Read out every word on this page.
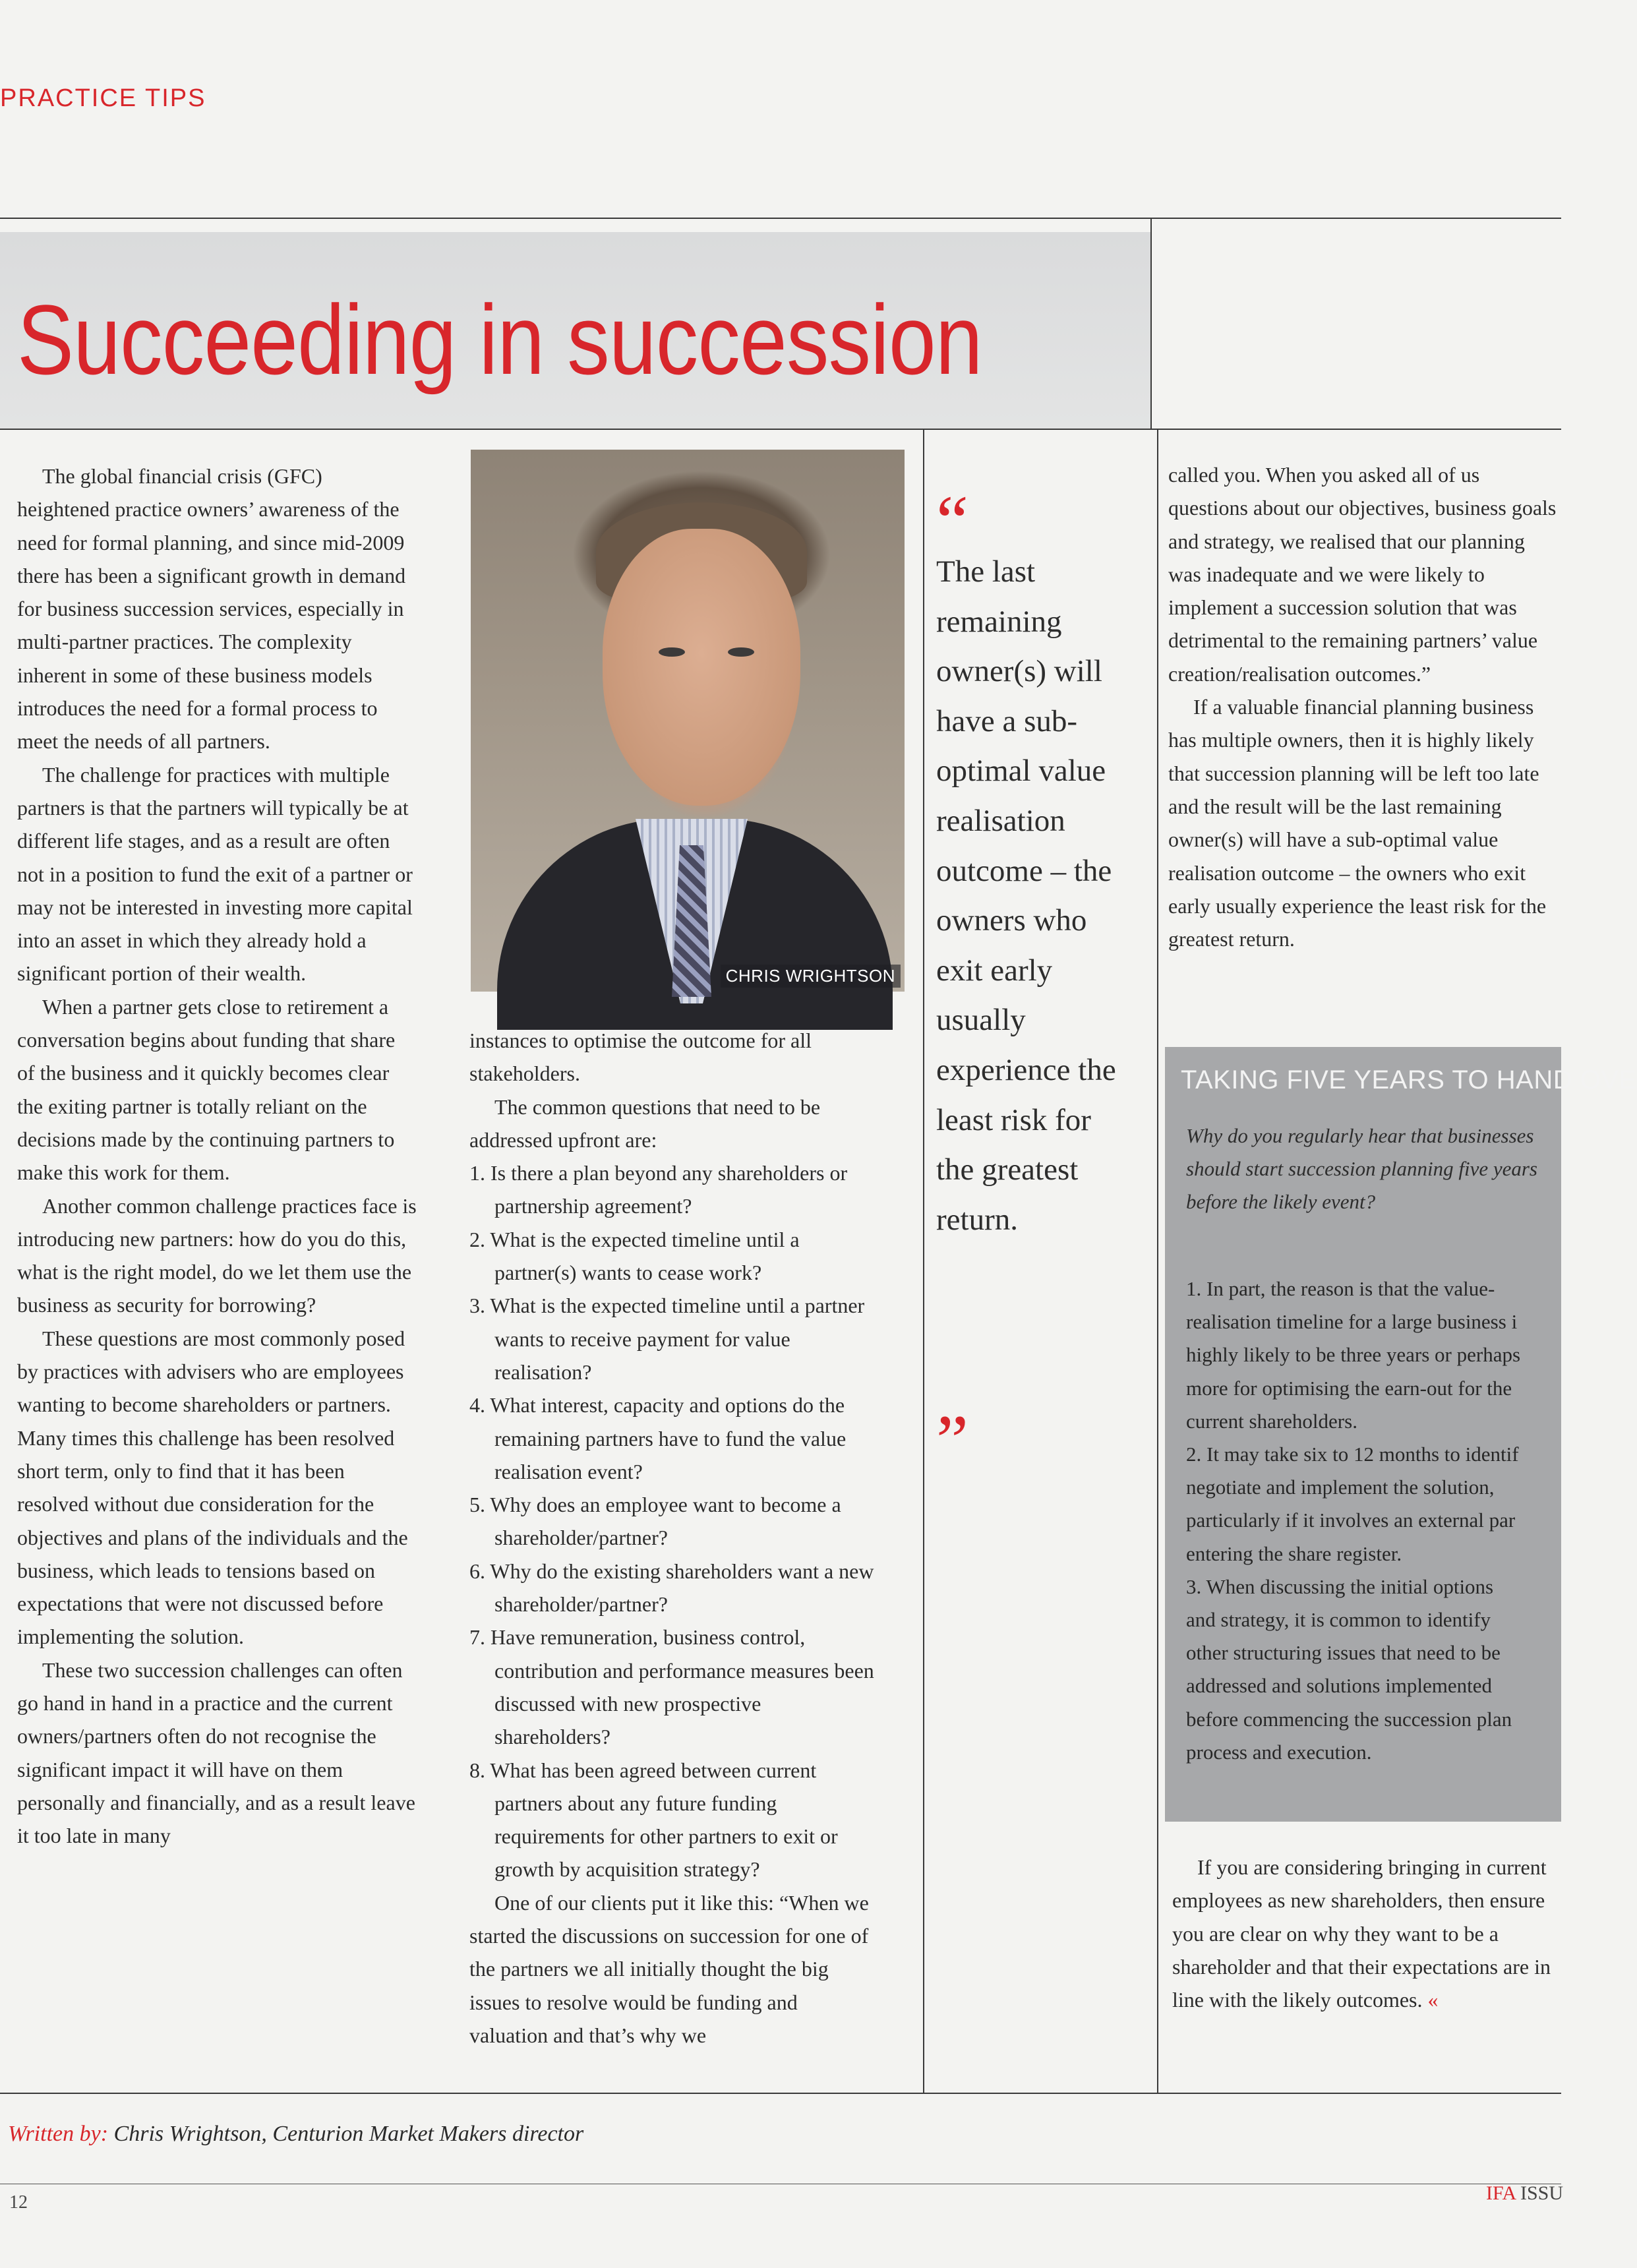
PRACTICE TIPS
Succeeding in succession

The global financial crisis (GFC) heightened practice owners’ awareness of the need for formal planning, and since mid-2009 there has been a significant growth in demand for business succession services, especially in multi-partner practices. The complexity inherent in some of these business models introduces the need for a formal process to meet the needs of all partners.

The challenge for practices with multiple partners is that the partners will typically be at different life stages, and as a result are often not in a position to fund the exit of a partner or may not be interested in investing more capital into an asset in which they already hold a significant portion of their wealth.

When a partner gets close to retirement a conversation begins about funding that share of the business and it quickly becomes clear the exiting partner is totally reliant on the decisions made by the continuing partners to make this work for them.

Another common challenge practices face is introducing new partners: how do you do this, what is the right model, do we let them use the business as security for borrowing?

These questions are most commonly posed by practices with advisers who are employees wanting to become shareholders or partners. Many times this challenge has been resolved short term, only to find that it has been resolved without due consideration for the objectives and plans of the individuals and the business, which leads to tensions based on expectations that were not discussed before implementing the solution.

These two succession challenges can often go hand in hand in a practice and the current owners/partners often do not recognise the significant impact it will have on them personally and financially, and as a result leave it too late in many

CHRIS WRIGHTSON

instances to optimise the outcome for all stakeholders.

The common questions that need to be addressed upfront are:

1. Is there a plan beyond any shareholders or partnership agreement?
2. What is the expected timeline until a partner(s) wants to cease work?
3. What is the expected timeline until a partner wants to receive payment for value realisation?
4. What interest, capacity and options do the remaining partners have to fund the value realisation event?
5. Why does an employee want to become a shareholder/partner?
6. Why do the existing shareholders want a new shareholder/partner?
7. Have remuneration, business control, contribution and performance measures been discussed with new prospective shareholders?
8. What has been agreed between current partners about any future funding requirements for other partners to exit or growth by acquisition strategy?

One of our clients put it like this: “When we started the discussions on succession for one of the partners we all initially thought the big issues to resolve would be funding and valuation and that’s why we

“
The last remaining owner(s) will have a sub-optimal value realisation outcome – the owners who exit early usually experience the least risk for the greatest return.
”

called you. When you asked all of us questions about our objectives, business goals and strategy, we realised that our planning was inadequate and we were likely to implement a succession solution that was detrimental to the remaining partners’ value creation/realisation outcomes.”

If a valuable financial planning business has multiple owners, then it is highly likely that succession planning will be left too late and the result will be the last remaining owner(s) will have a sub-optimal value realisation outcome – the owners who exit early usually experience the least risk for the greatest return.

TAKING FIVE YEARS TO HAND OVE
Why do you regularly hear that businesses should start succession planning five years before the likely event?

1. In part, the reason is that the value-

realisation timeline for a large business i

highly likely to be three years or perhaps

more for optimising the earn-out for the

current shareholders.

2. It may take six to 12 months to identif

negotiate and implement the solution,

particularly if it involves an external par

entering the share register.

3. When discussing the initial options

and strategy, it is common to identify

other structuring issues that need to be

addressed and solutions implemented

before commencing the succession plan

process and execution.

If you are considering bringing in current employees as new shareholders, then ensure you are clear on why they want to be a shareholder and that their expectations are in line with the likely outcomes. «

Written by: Chris Wrightson, Centurion Market Makers director
12	IFA ISSU
